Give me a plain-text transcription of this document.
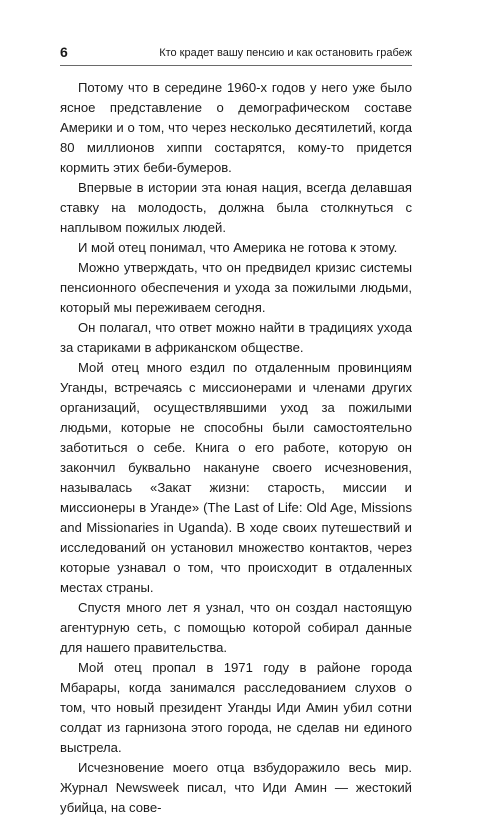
6	Кто крадет вашу пенсию и как остановить грабеж

Потому что в середине 1960-х годов у него уже было ясное представление о демографическом составе Америки и о том, что через несколько десятилетий, когда 80 миллионов хиппи состарятся, кому-то придется кормить этих беби-бумеров.

Впервые в истории эта юная нация, всегда делавшая ставку на молодость, должна была столкнуться с наплывом пожилых людей.

И мой отец понимал, что Америка не готова к этому.

Можно утверждать, что он предвидел кризис системы пенсионного обеспечения и ухода за пожилыми людьми, который мы переживаем сегодня.

Он полагал, что ответ можно найти в традициях ухода за стариками в африканском обществе.

Мой отец много ездил по отдаленным провинциям Уганды, встречаясь с миссионерами и членами других организаций, осуществлявшими уход за пожилыми людьми, которые не способны были самостоятельно заботиться о себе. Книга о его работе, которую он закончил буквально накануне своего исчезновения, называлась «Закат жизни: старость, миссии и миссионеры в Уганде» (The Last of Life: Old Age, Missions and Missionaries in Uganda). В ходе своих путешествий и исследований он установил множество контактов, через которые узнавал о том, что происходит в отдаленных местах страны.

Спустя много лет я узнал, что он создал настоящую агентурную сеть, с помощью которой собирал данные для нашего правительства.

Мой отец пропал в 1971 году в районе города Мбарары, когда занимался расследованием слухов о том, что новый президент Уганды Иди Амин убил сотни солдат из гарнизона этого города, не сделав ни единого выстрела.

Исчезновение моего отца взбудоражило весь мир. Журнал Newsweek писал, что Иди Амин — жестокий убийца, на сове-
